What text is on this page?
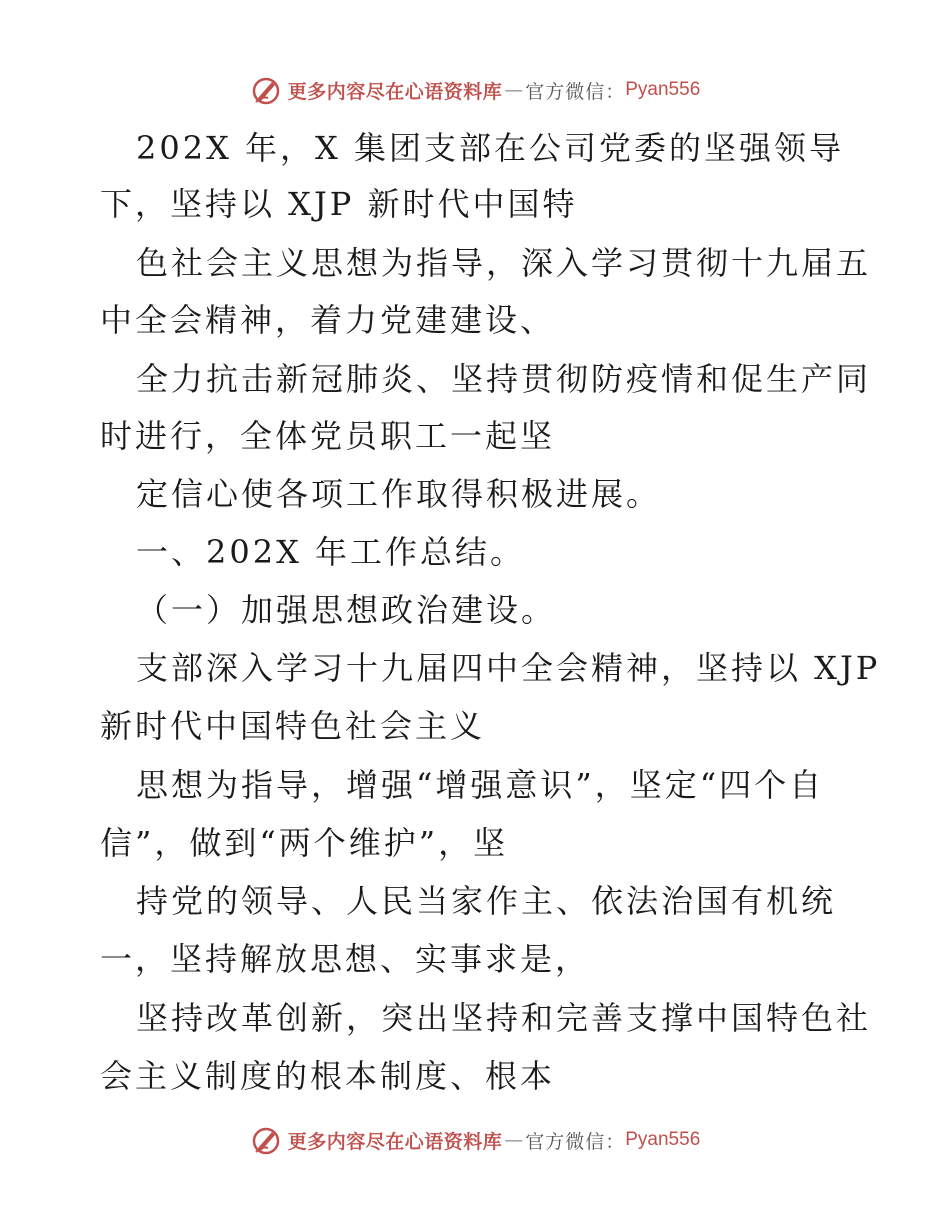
更多内容尽在心语资料库 — 官方微信： Pyan556
202X 年，X 集团支部在公司党委的坚强领导
下，坚持以 XJP 新时代中国特
色社会主义思想为指导，深入学习贯彻十九届五
中全会精神，着力党建建设、
全力抗击新冠肺炎、坚持贯彻防疫情和促生产同
时进行，全体党员职工一起坚
定信心使各项工作取得积极进展。
一、202X 年工作总结。
（一）加强思想政治建设。
支部深入学习十九届四中全会精神，坚持以 XJP
新时代中国特色社会主义
思想为指导，增强“增强意识”，坚定“四个自
信”，做到“两个维护”，坚
持党的领导、人民当家作主、依法治国有机统
一，坚持解放思想、实事求是，
坚持改革创新，突出坚持和完善支撑中国特色社
会主义制度的根本制度、根本
更多内容尽在心语资料库 — 官方微信： Pyan556
